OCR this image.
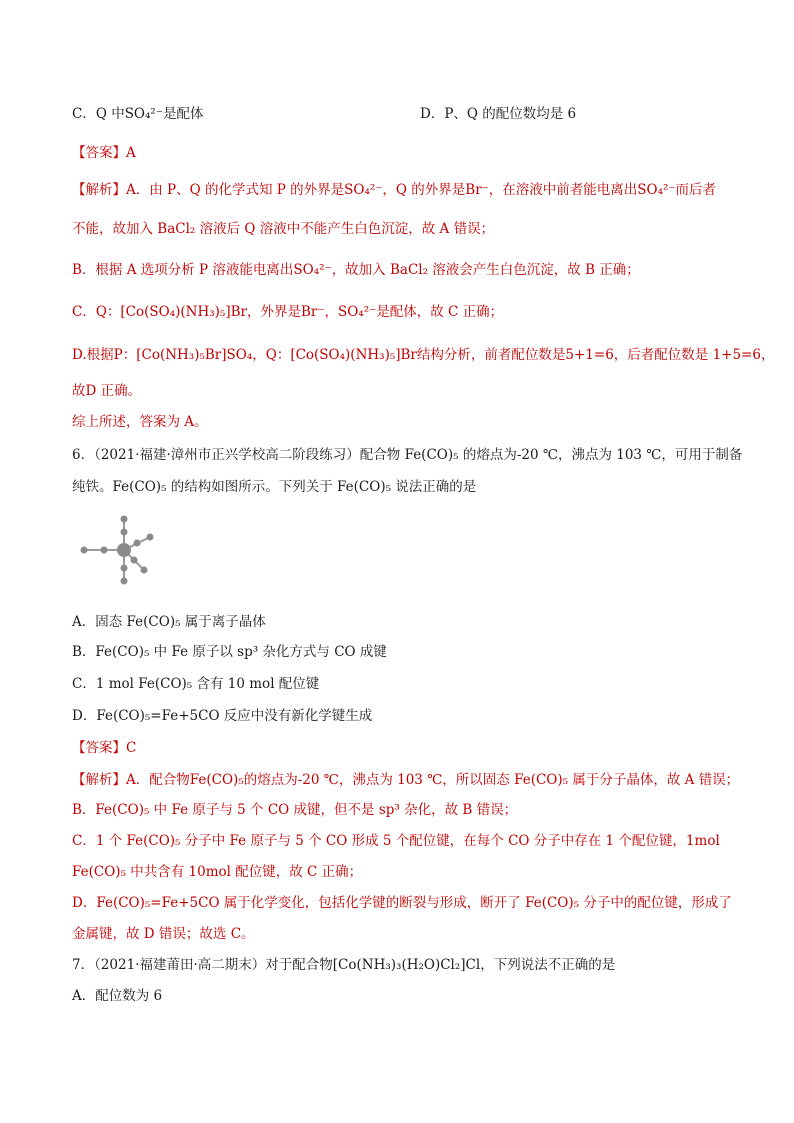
C．Q 中SO₄²⁻是配体	D．P、Q 的配位数均是 6
【答案】A
【解析】A．由 P、Q 的化学式知 P 的外界是SO₄²⁻，Q 的外界是Br⁻，在溶液中前者能电离出SO₄²⁻而后者
不能，故加入 BaCl₂ 溶液后 Q 溶液中不能产生白色沉淀，故 A 错误；
B．根据 A 选项分析 P 溶液能电离出SO₄²⁻，故加入 BaCl₂ 溶液会产生白色沉淀，故 B 正确；
C．Q：[Co(SO₄)(NH₃)₅]Br，外界是Br⁻，SO₄²⁻是配体，故 C 正确；
D.根据P：[Co(NH₃)₅Br]SO₄，Q：[Co(SO₄)(NH₃)₅]Br结构分析，前者配位数是5+1=6，后者配位数是 1+5=6，
故D 正确。
综上所述，答案为 A。
6．（2021·福建·漳州市正兴学校高二阶段练习）配合物 Fe(CO)₅ 的熔点为-20 ℃，沸点为 103 ℃，可用于制备
纯铁。Fe(CO)₅ 的结构如图所示。下列关于 Fe(CO)₅ 说法正确的是
A．固态 Fe(CO)₅ 属于离子晶体
B．Fe(CO)₅ 中 Fe 原子以 sp³ 杂化方式与 CO 成键
C．1 mol Fe(CO)₅ 含有 10 mol 配位键
D．Fe(CO)₅=Fe+5CO 反应中没有新化学键生成
【答案】C
【解析】A．配合物Fe(CO)₅的熔点为-20 ℃，沸点为 103 ℃，所以固态 Fe(CO)₅ 属于分子晶体，故 A 错误；
B．Fe(CO)₅ 中 Fe 原子与 5 个 CO 成键，但不是 sp³ 杂化，故 B 错误；
C．1 个 Fe(CO)₅ 分子中 Fe 原子与 5 个 CO 形成 5 个配位键，在每个 CO 分子中存在 1 个配位键，1mol
Fe(CO)₅ 中共含有 10mol 配位键，故 C 正确；
D．Fe(CO)₅=Fe+5CO 属于化学变化，包括化学键的断裂与形成，断开了 Fe(CO)₅ 分子中的配位键，形成了
金属键，故 D 错误；故选 C。
7．（2021·福建莆田·高二期末）对于配合物[Co(NH₃)₃(H₂O)Cl₂]Cl，下列说法不正确的是
A．配位数为 6
